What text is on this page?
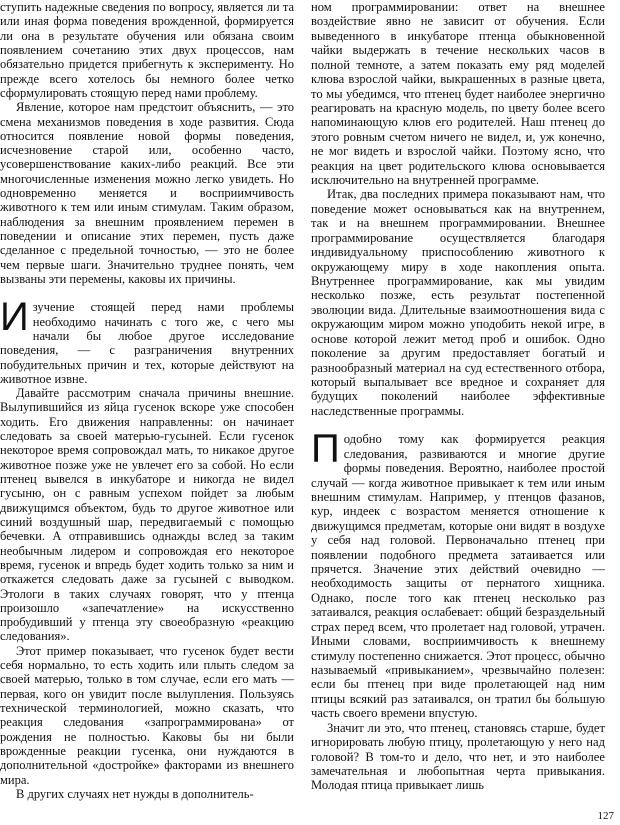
ступить надежные сведения по вопросу, является ли та или иная форма поведения врожденной, формируется ли она в результате обучения или обязана своим появлением сочетанию этих двух процессов, нам обязательно придется прибегнуть к эксперименту. Но прежде всего хотелось бы немного более четко сформулировать стоящую перед нами проблему.

Явление, которое нам предстоит объяснить, — это смена механизмов поведения в ходе развития. Сюда относится появление новой формы поведения, исчезновение старой или, особенно часто, усовершенствование каких-либо реакций. Все эти многочисленные изменения можно легко увидеть. Но одновременно меняется и восприимчивость животного к тем или иным стимулам. Таким образом, наблюдения за внешним проявлением перемен в поведении и описание этих перемен, пусть даже сделанное с предельной точностью, — это не более чем первые шаги. Значительно труднее понять, чем вызваны эти перемены, каковы их причины.

Изучение стоящей перед нами проблемы необходимо начинать с того же, с чего мы начали бы любое другое исследование поведения, — с разграничения внутренних побудительных причин и тех, которые действуют на животное извне.

Давайте рассмотрим сначала причины внешние. Вылупившийся из яйца гусенок вскоре уже способен ходить. Его движения направленны: он начинает следовать за своей матерью-гусыней. Если гусенок некоторое время сопровождал мать, то никакое другое животное позже уже не увлечет его за собой. Но если птенец вывелся в инкубаторе и никогда не видел гусыню, он с равным успехом пойдет за любым движущимся объектом, будь то другое животное или синий воздушный шар, передвигаемый с помощью бечевки. А отправившись однажды вслед за таким необычным лидером и сопровождая его некоторое время, гусенок и впредь будет ходить только за ним и откажется следовать даже за гусыней с выводком. Этологи в таких случаях говорят, что у птенца произошло «запечатление» на искусственно пробудивший у птенца эту своеобразную «реакцию следования».

Этот пример показывает, что гусенок будет вести себя нормально, то есть ходить или плыть следом за своей матерью, только в том случае, если его мать — первая, кого он увидит после вылупления. Пользуясь технической терминологией, можно сказать, что реакция следования «запрограммирована» от рождения не полностью. Каковы бы ни были врожденные реакции гусенка, они нуждаются в дополнительной «достройке» факторами из внешнего мира.

В других случаях нет нужды в дополнитель-

ном программировании: ответ на внешнее воздействие явно не зависит от обучения. Если выведенного в инкубаторе птенца обыкновенной чайки выдержать в течение нескольких часов в полной темноте, а затем показать ему ряд моделей клюва взрослой чайки, выкрашенных в разные цвета, то мы убедимся, что птенец будет наиболее энергично реагировать на красную модель, по цвету более всего напоминающую клюв его родителей. Наш птенец до этого ровным счетом ничего не видел, и, уж конечно, не мог видеть и взрослой чайки. Поэтому ясно, что реакция на цвет родительского клюва основывается исключительно на внутренней программе.

Итак, два последних примера показывают нам, что поведение может основываться как на внутреннем, так и на внешнем программировании. Внешнее программирование осуществляется благодаря индивидуальному приспособлению животного к окружающему миру в ходе накопления опыта. Внутреннее программирование, как мы увидим несколько позже, есть результат постепенной эволюции вида. Длительные взаимоотношения вида с окружающим миром можно уподобить некой игре, в основе которой лежит метод проб и ошибок. Одно поколение за другим предоставляет богатый и разнообразный материал на суд естественного отбора, который выпалывает все вредное и сохраняет для будущих поколений наиболее эффективные наследственные программы.

Подобно тому как формируется реакция следования, развиваются и многие другие формы поведения. Вероятно, наиболее простой случай — когда животное привыкает к тем или иным внешним стимулам. Например, у птенцов фазанов, кур, индеек с возрастом меняется отношение к движущимся предметам, которые они видят в воздухе у себя над головой. Первоначально птенец при появлении подобного предмета затаивается или прячется. Значение этих действий очевидно — необходимость защиты от пернатого хищника. Однако, после того как птенец несколько раз затаивался, реакция ослабевает: общий безраздельный страх перед всем, что пролетает над головой, утрачен. Иными словами, восприимчивость к внешнему стимулу постепенно снижается. Этот процесс, обычно называемый «привыканием», чрезвычайно полезен: если бы птенец при виде пролетающей над ним птицы всякий раз затаивался, он тратил бы бо́льшую часть своего времени впустую.

Значит ли это, что птенец, становясь старше, будет игнорировать любую птицу, пролетающую у него над головой? В том-то и дело, что нет, и это наиболее замечательная и любопытная черта привыкания. Молодая птица привыкает лишь

127
